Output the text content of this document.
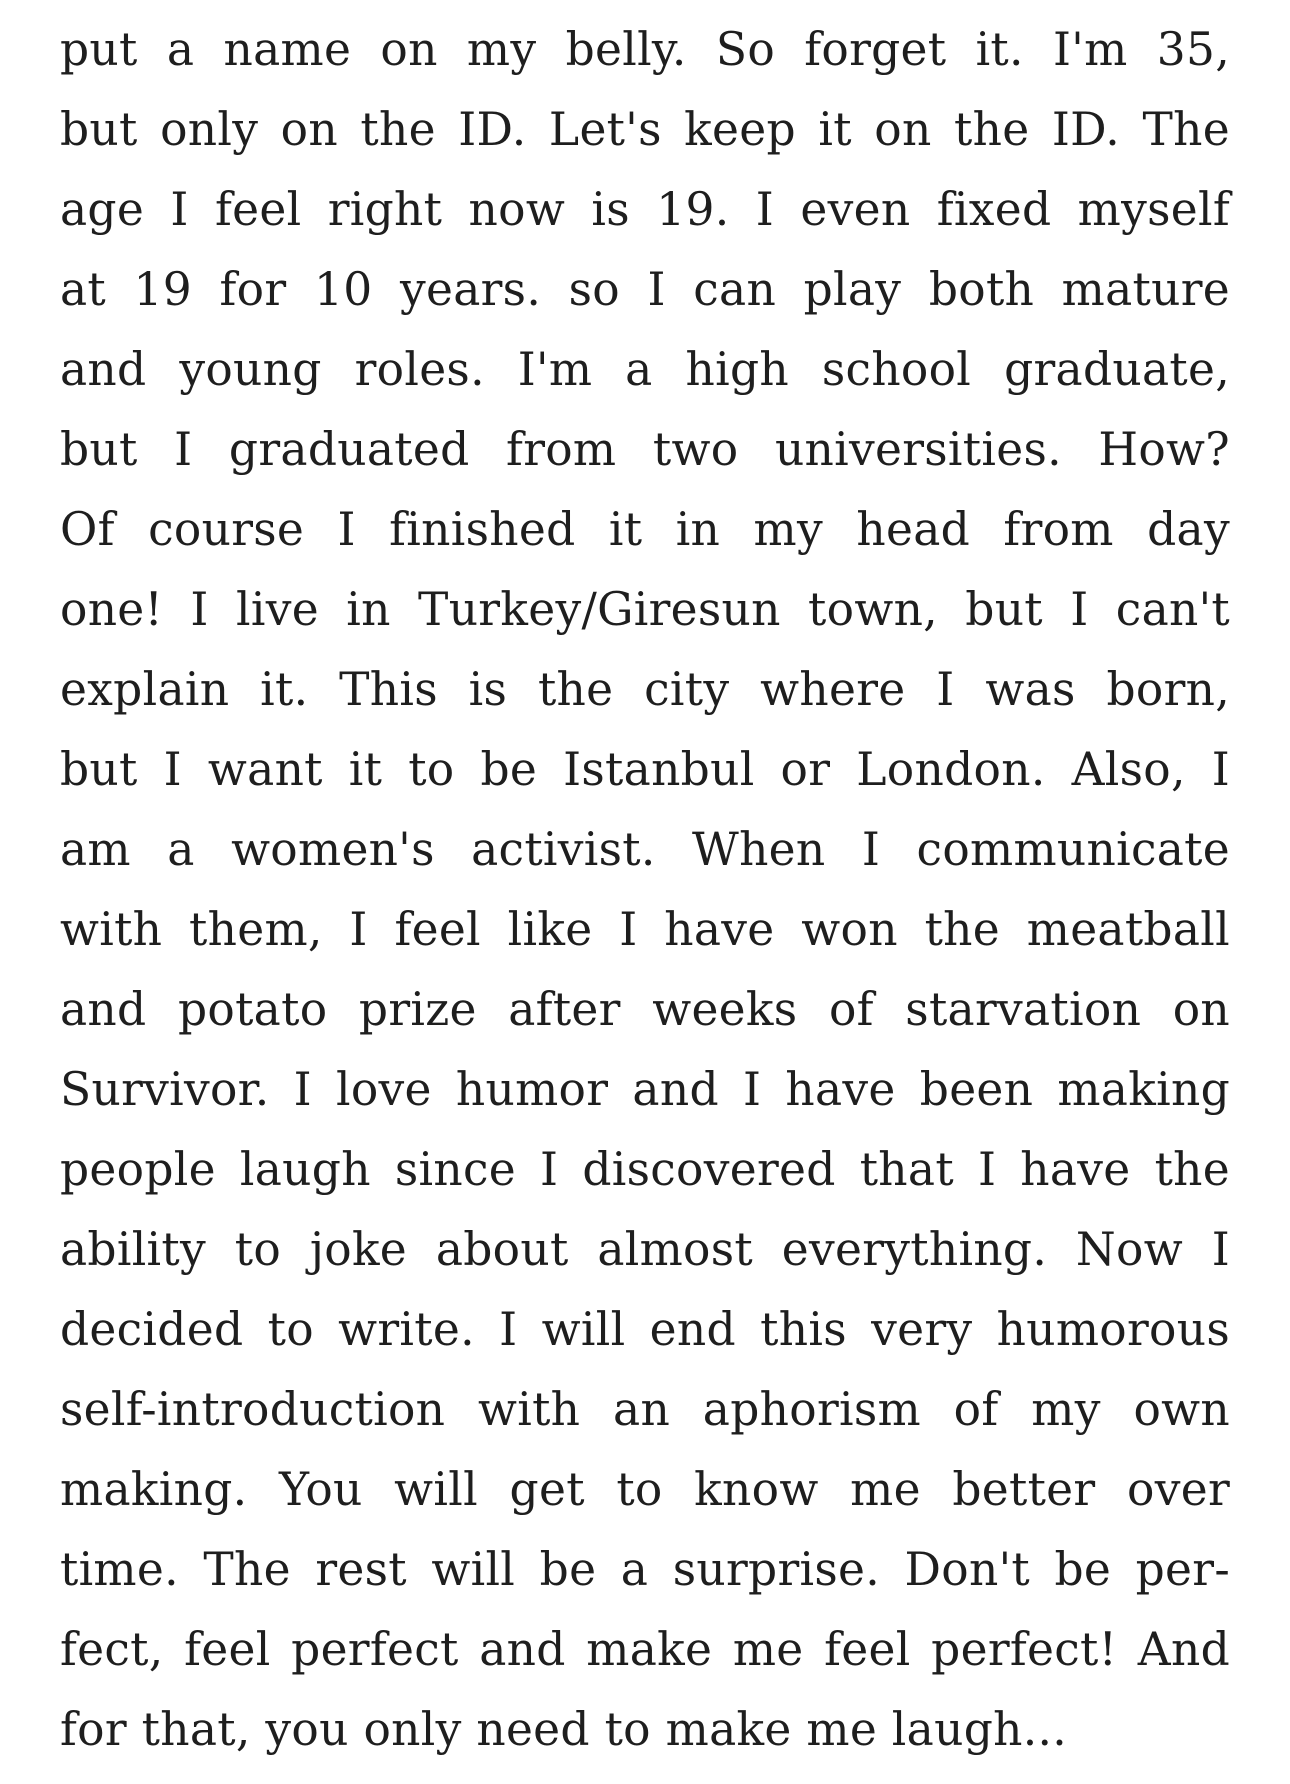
put a name on my belly. So forget it. I'm 35,
but only on the ID. Let's keep it on the ID. The
age I feel right now is 19. I even fixed myself
at 19 for 10 years. so I can play both mature
and young roles. I'm a high school graduate,
but I graduated from two universities. How?
Of course I finished it in my head from day
one! I live in Turkey/Giresun town, but I can't
explain it. This is the city where I was born,
but I want it to be Istanbul or London. Also, I
am a women's activist. When I communicate
with them, I feel like I have won the meatball
and potato prize after weeks of starvation on
Survivor. I love humor and I have been making
people laugh since I discovered that I have the
ability to joke about almost everything. Now I
decided to write. I will end this very humorous
self-introduction with an aphorism of my own
making. You will get to know me better over
time. The rest will be a surprise. Don't be per-
fect, feel perfect and make me feel perfect! And
for that, you only need to make me laugh...
